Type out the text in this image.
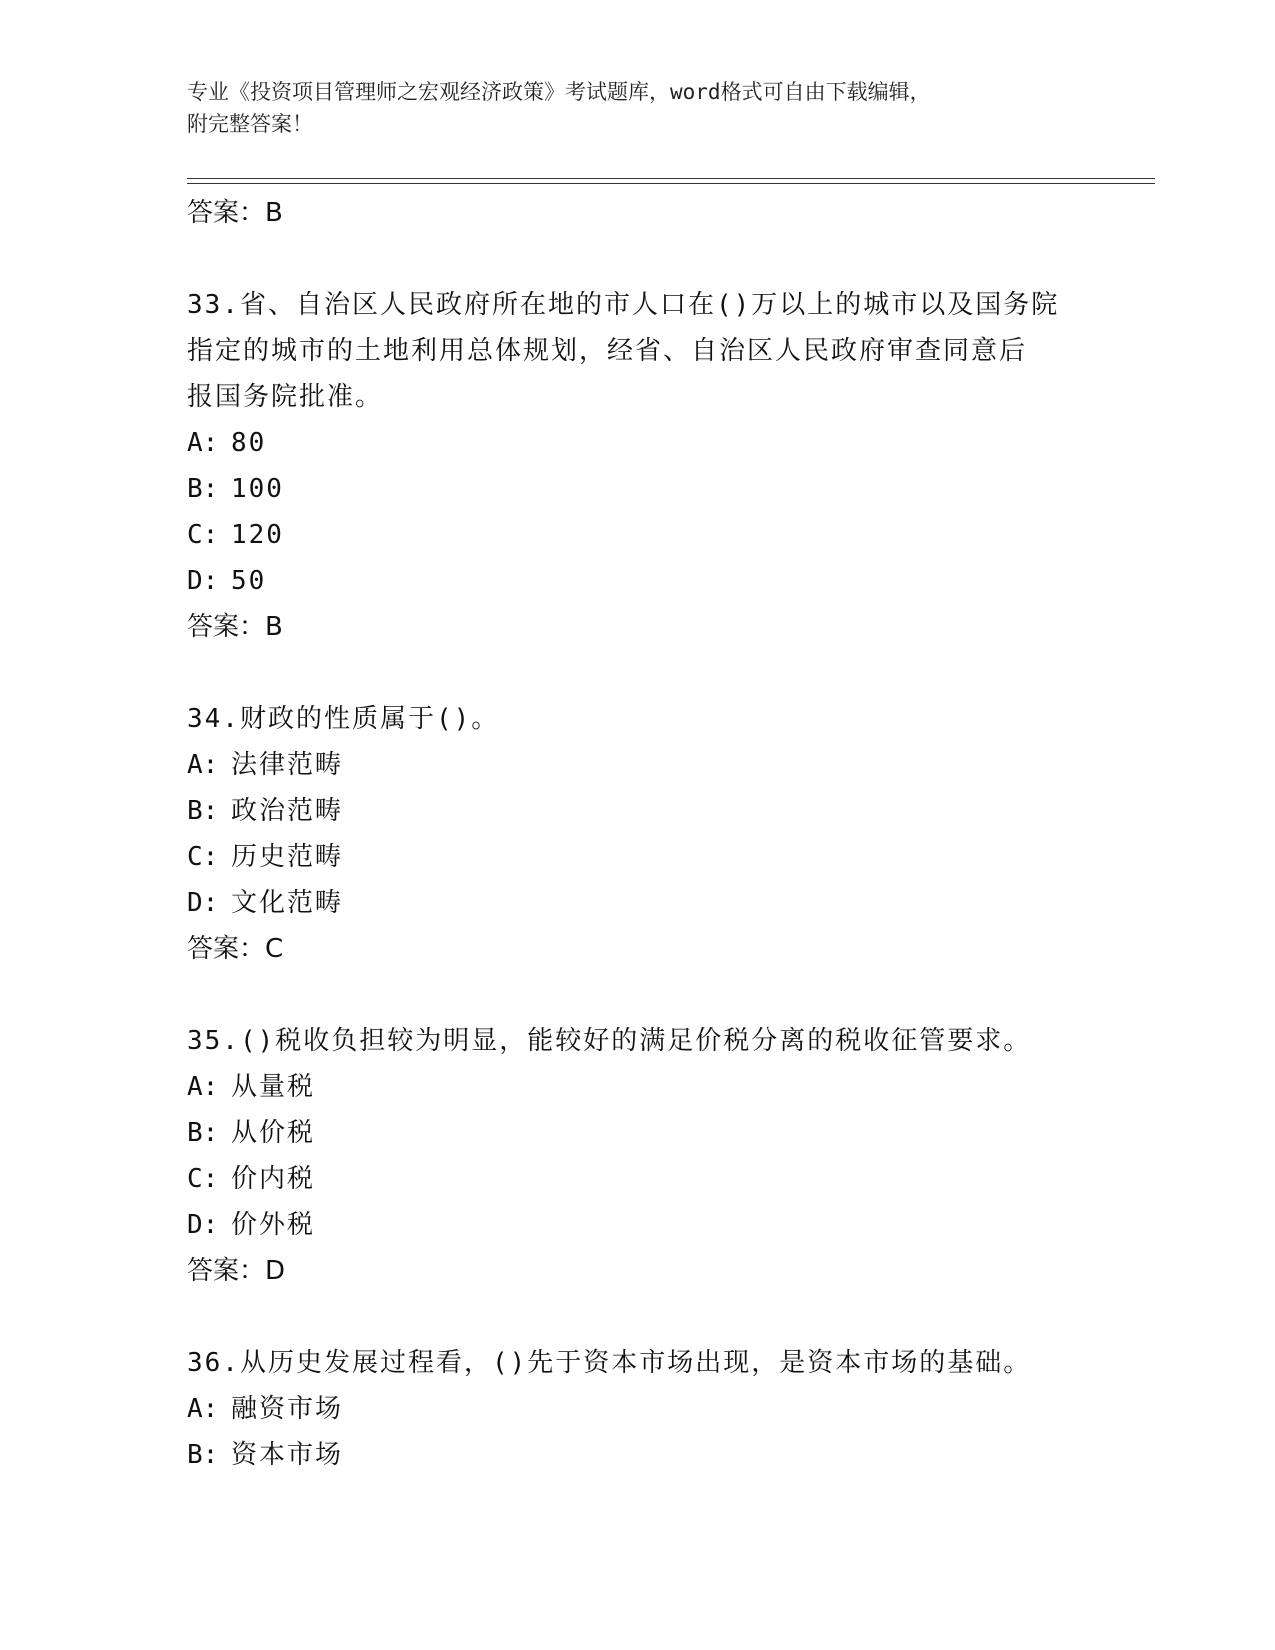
专业《投资项目管理师之宏观经济政策》考试题库，word格式可自由下载编辑，
附完整答案！
答案：B
33.省、自治区人民政府所在地的市人口在()万以上的城市以及国务院
指定的城市的土地利用总体规划，经省、自治区人民政府审查同意后
报国务院批准。
A: 80
B: 100
C: 120
D: 50
答案：B
34.财政的性质属于()。
A: 法律范畴
B: 政治范畴
C: 历史范畴
D: 文化范畴
答案：C
35.()税收负担较为明显，能较好的满足价税分离的税收征管要求。
A: 从量税
B: 从价税
C: 价内税
D: 价外税
答案：D
36.从历史发展过程看，()先于资本市场出现，是资本市场的基础。
A: 融资市场
B: 资本市场
